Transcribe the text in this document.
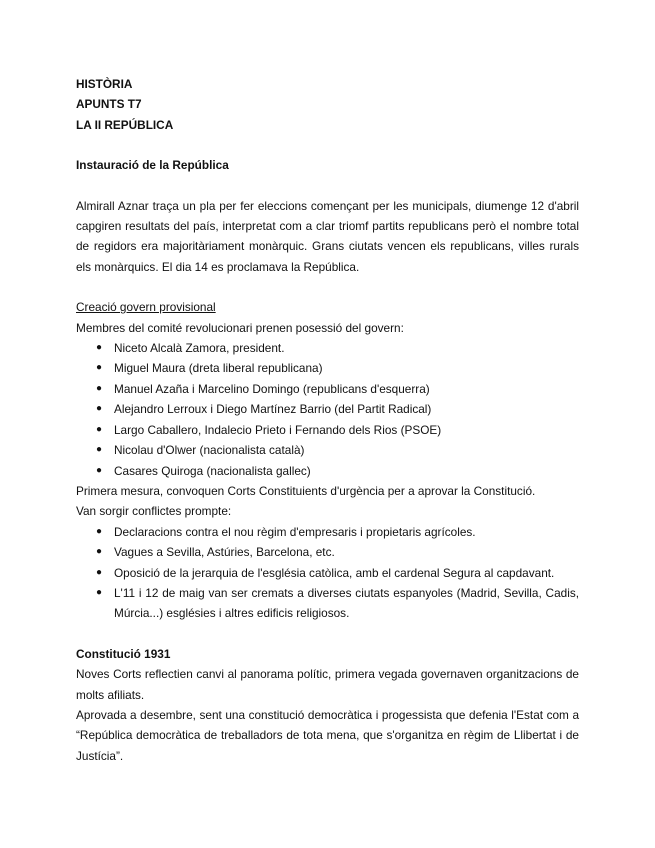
HISTÒRIA
APUNTS T7
LA II REPÚBLICA
Instauració de la República

Almirall Aznar traça un pla per fer eleccions començant per les municipals, diumenge 12 d'abril capgiren resultats del país, interpretat com a clar triomf partits republicans però el nombre total de regidors era majoritàriament monàrquic. Grans ciutats vencen els republicans, villes rurals els monàrquics. El dia 14 es proclamava la República.

Creació govern provisional

Membres del comité revolucionari prenen posessió del govern:

● Niceto Alcalà Zamora, president.
● Miguel Maura (dreta liberal republicana)
● Manuel Azaña i Marcelino Domingo (republicans d'esquerra)
● Alejandro Lerroux i Diego Martínez Barrio (del Partit Radical)
● Largo Caballero, Indalecio Prieto i Fernando dels Rios (PSOE)
● Nicolau d'Olwer (nacionalista català)
● Casares Quiroga (nacionalista gallec)

Primera mesura, convoquen Corts Constituients d'urgència per a aprovar la Constitució.

Van sorgir conflictes prompte:

● Declaracions contra el nou règim d'empresaris i propietaris agrícoles.
● Vagues a Sevilla, Astúries, Barcelona, etc.
● Oposició de la jerarquia de l'església catòlica, amb el cardenal Segura al capdavant.
● L'11 i 12 de maig van ser cremats a diverses ciutats espanyoles (Madrid, Sevilla, Cadis, Múrcia...) esglésies i altres edificis religiosos.
Constitució 1931

Noves Corts reflectien canvi al panorama polític, primera vegada governaven organitzacions de molts afiliats.

Aprovada a desembre, sent una constitució democràtica i progessista que defenia l'Estat com a “República democràtica de treballadors de tota mena, que s'organitza en règim de Llibertat i de Justícia”.
